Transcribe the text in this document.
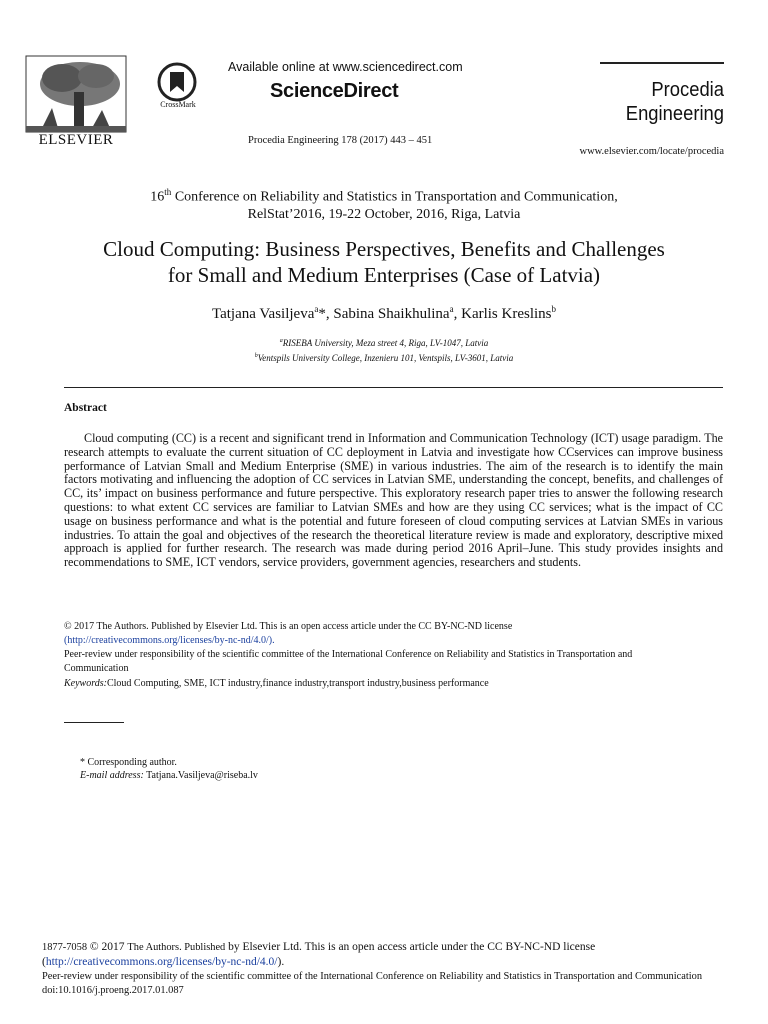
ELSEVIER
CrossMark
Available online at www.sciencedirect.com
ScienceDirect
Procedia Engineering 178 (2017) 443 – 451
Procedia
Engineering
www.elsevier.com/locate/procedia
16th Conference on Reliability and Statistics in Transportation and Communication,
RelStat’2016, 19-22 October, 2016, Riga, Latvia
Cloud Computing: Business Perspectives, Benefits and Challenges
for Small and Medium Enterprises (Case of Latvia)
Tatjana Vasiljeva$^a$*, Sabina Shaikhulina$^a$, Karlis Kreslins$^b$
$^a$RISEBA University, Meza street 4, Riga, LV-1047, Latvia
$^b$Ventspils University College, Inzenieru 101, Ventspils, LV-3601, Latvia
Abstract
Cloud computing (CC) is a recent and significant trend in Information and Communication Technology (ICT) usage paradigm. The research attempts to evaluate the current situation of CC deployment in Latvia and investigate how CCservices can improve business performance of Latvian Small and Medium Enterprise (SME) in various industries. The aim of the research is to identify the main factors motivating and influencing the adoption of CC services in Latvian SME, understanding the concept, benefits, and challenges of CC, its’ impact on business performance and future perspective. This exploratory research paper tries to answer the following research questions: to what extent CC services are familiar to Latvian SMEs and how are they using CC services; what is the impact of CC usage on business performance and what is the potential and future foreseen of cloud computing services at Latvian SMEs in various industries. To attain the goal and objectives of the research the theoretical literature review is made and exploratory, descriptive mixed approach is applied for further research. The research was made during period 2016 April–June. This study provides insights and recommendations to SME, ICT vendors, service providers, government agencies, researchers and students.
© 2017 The Authors. Published by Elsevier Ltd. This is an open access article under the CC BY-NC-ND license
(http://creativecommons.org/licenses/by-nc-nd/4.0/).
Peer-review under responsibility of the scientific committee of the International Conference on Reliability and Statistics in Transportation and Communication
Keywords:Cloud Computing, SME, ICT industry,finance industry,transport industry,business performance
* Corresponding author.
E-mail address: Tatjana.Vasiljeva@riseba.lv
1877-7058 © 2017 The Authors. Published by Elsevier Ltd. This is an open access article under the CC BY-NC-ND license
(http://creativecommons.org/licenses/by-nc-nd/4.0/).
Peer-review under responsibility of the scientific committee of the International Conference on Reliability and Statistics in Transportation and Communication
doi:10.1016/j.proeng.2017.01.087
